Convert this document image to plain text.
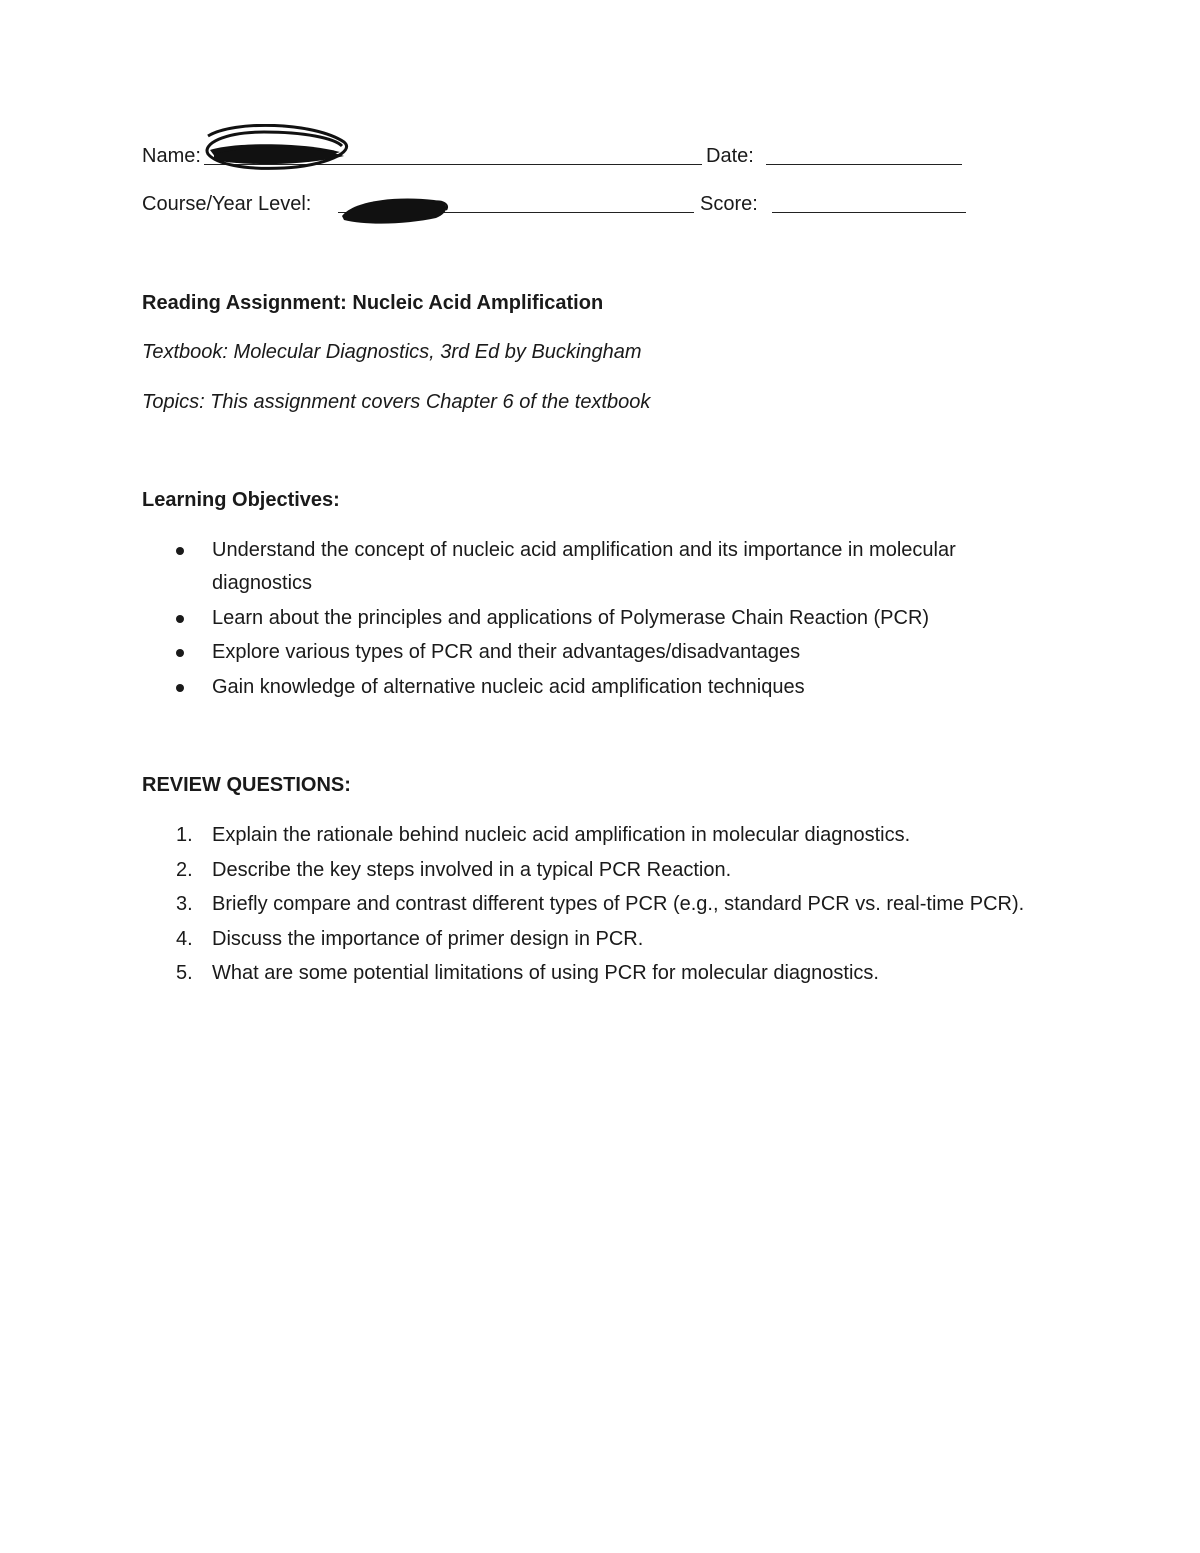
Name:	Date:
Course/Year Level:	Score:
Reading Assignment: Nucleic Acid Amplification
Textbook: Molecular Diagnostics, 3rd Ed by Buckingham
Topics: This assignment covers Chapter 6 of the textbook
Learning Objectives:
Understand the concept of nucleic acid amplification and its importance in molecular diagnostics
Learn about the principles and applications of Polymerase Chain Reaction (PCR)
Explore various types of PCR and their advantages/disadvantages
Gain knowledge of alternative nucleic acid amplification techniques
REVIEW QUESTIONS:
1. Explain the rationale behind nucleic acid amplification in molecular diagnostics.
2. Describe the key steps involved in a typical PCR Reaction.
3. Briefly compare and contrast different types of PCR (e.g., standard PCR vs. real-time PCR).
4. Discuss the importance of primer design in PCR.
5. What are some potential limitations of using PCR for molecular diagnostics.
